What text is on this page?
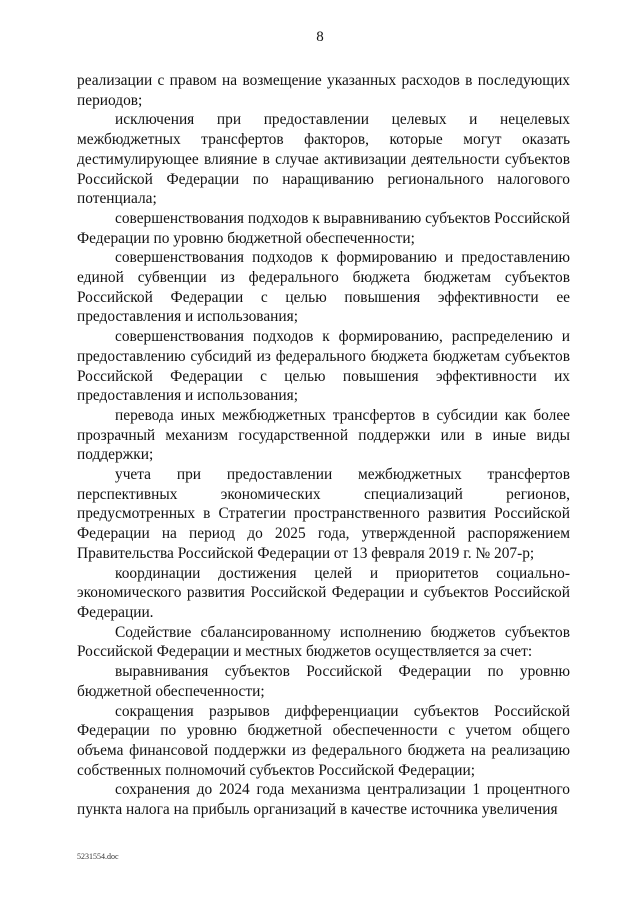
8

реализации с правом на возмещение указанных расходов в последующих периодов;

исключения при предоставлении целевых и нецелевых межбюджетных трансфертов факторов, которые могут оказать дестимулирующее влияние в случае активизации деятельности субъектов Российской Федерации по наращиванию регионального налогового потенциала;

совершенствования подходов к выравниванию субъектов Российской Федерации по уровню бюджетной обеспеченности;

совершенствования подходов к формированию и предоставлению единой субвенции из федерального бюджета бюджетам субъектов Российской Федерации с целью повышения эффективности ее предоставления и использования;

совершенствования подходов к формированию, распределению и предоставлению субсидий из федерального бюджета бюджетам субъектов Российской Федерации с целью повышения эффективности их предоставления и использования;

перевода иных межбюджетных трансфертов в субсидии как более прозрачный механизм государственной поддержки или в иные виды поддержки;

учета при предоставлении межбюджетных трансфертов перспективных экономических специализаций регионов, предусмотренных в Стратегии пространственного развития Российской Федерации на период до 2025 года, утвержденной распоряжением Правительства Российской Федерации от 13 февраля 2019 г. № 207-р;

координации достижения целей и приоритетов социально-экономического развития Российской Федерации и субъектов Российской Федерации.

Содействие сбалансированному исполнению бюджетов субъектов Российской Федерации и местных бюджетов осуществляется за счет:

выравнивания субъектов Российской Федерации по уровню бюджетной обеспеченности;

сокращения разрывов дифференциации субъектов Российской Федерации по уровню бюджетной обеспеченности с учетом общего объема финансовой поддержки из федерального бюджета на реализацию собственных полномочий субъектов Российской Федерации;

сохранения до 2024 года механизма централизации 1 процентного пункта налога на прибыль организаций в качестве источника увеличения

5231554.doc
